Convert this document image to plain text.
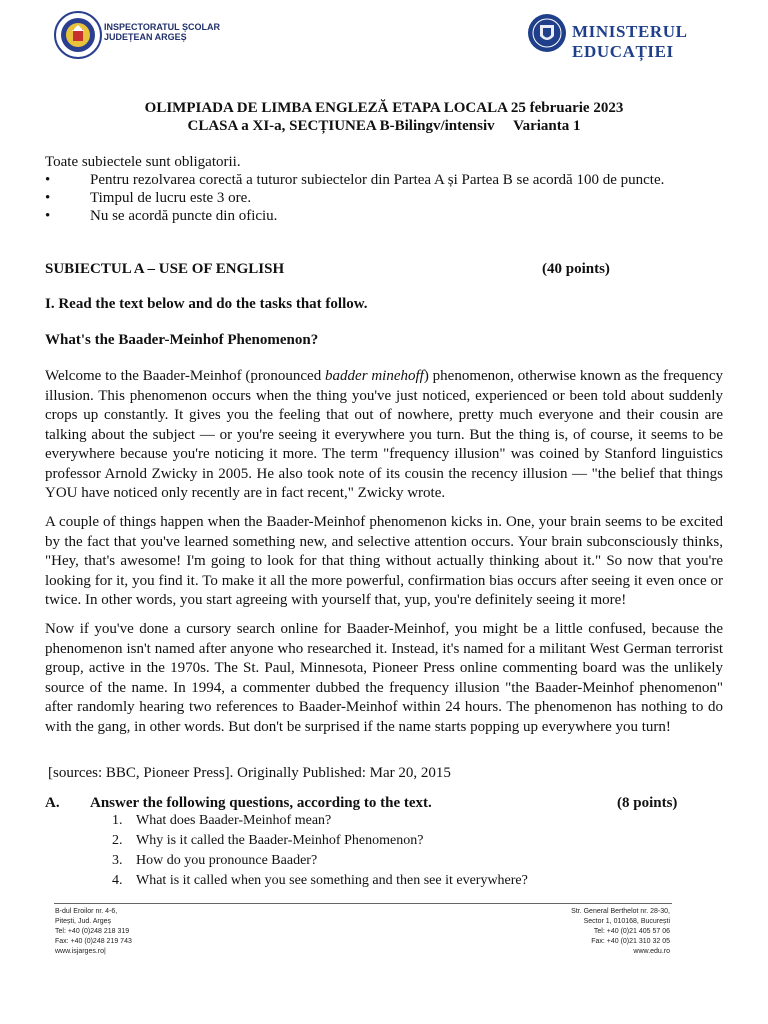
INSPECTORATUL ȘCOLAR
JUDEȚEAN ARGEȘ	MINISTERUL EDUCAȚIEI
OLIMPIADA DE LIMBA ENGLEZĂ ETAPA LOCALA 25 februarie 2023
CLASA a XI-a, SECȚIUNEA B-Bilingv/intensiv     Varianta 1
Toate subiectele sunt obligatorii.
•	Pentru rezolvarea corectă a tuturor subiectelor din Partea A și Partea B se acordă 100 de puncte.
•	Timpul de lucru este 3 ore.
•	Nu se acordă puncte din oficiu.
SUBIECTUL A – USE OF ENGLISH	(40 points)
I. Read the text below and do the tasks that follow.
What's the Baader-Meinhof Phenomenon?
Welcome to the Baader-Meinhof (pronounced badder minehoff) phenomenon, otherwise known as the frequency illusion. This phenomenon occurs when the thing you've just noticed, experienced or been told about suddenly crops up constantly. It gives you the feeling that out of nowhere, pretty much everyone and their cousin are talking about the subject — or you're seeing it everywhere you turn. But the thing is, of course, it seems to be everywhere because you're noticing it more. The term "frequency illusion" was coined by Stanford linguistics professor Arnold Zwicky in 2005. He also took note of its cousin the recency illusion — "the belief that things YOU have noticed only recently are in fact recent," Zwicky wrote.
A couple of things happen when the Baader-Meinhof phenomenon kicks in. One, your brain seems to be excited by the fact that you've learned something new, and selective attention occurs. Your brain subconsciously thinks, "Hey, that's awesome! I'm going to look for that thing without actually thinking about it." So now that you're looking for it, you find it. To make it all the more powerful, confirmation bias occurs after seeing it even once or twice. In other words, you start agreeing with yourself that, yup, you're definitely seeing it more!
Now if you've done a cursory search online for Baader-Meinhof, you might be a little confused, because the phenomenon isn't named after anyone who researched it. Instead, it's named for a militant West German terrorist group, active in the 1970s. The St. Paul, Minnesota, Pioneer Press online commenting board was the unlikely source of the name. In 1994, a commenter dubbed the frequency illusion "the Baader-Meinhof phenomenon" after randomly hearing two references to Baader-Meinhof within 24 hours. The phenomenon has nothing to do with the gang, in other words. But don't be surprised if the name starts popping up everywhere you turn!
[sources: BBC, Pioneer Press]. Originally Published: Mar 20, 2015
A. Answer the following questions, according to the text.	(8 points)
1. What does Baader-Meinhof mean?
2. Why is it called the Baader-Meinhof Phenomenon?
3. How do you pronounce Baader?
4. What is it called when you see something and then see it everywhere?
B-dul Eroilor nr. 4-6,
Pitești, Jud. Argeș
Tel: +40 (0)248 218 319
Fax: +40 (0)248 219 743
www.isjarges.ro|
Str. General Berthelot nr. 28-30,
Sector 1, 010168, București
Tel: +40 (0)21 405 57 06
Fax: +40 (0)21 310 32 05
www.edu.ro
